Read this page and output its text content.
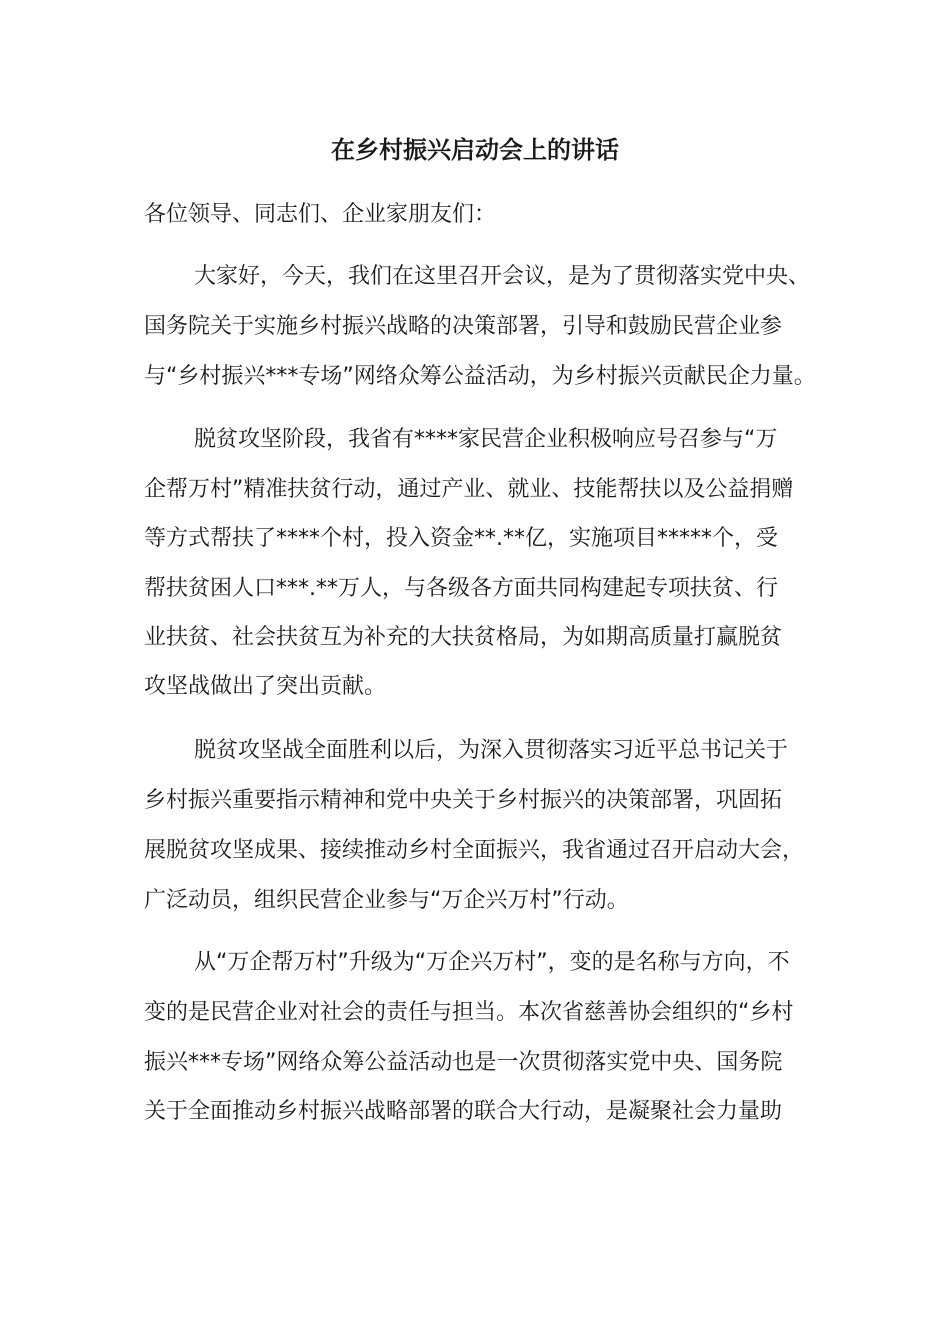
在乡村振兴启动会上的讲话
各位领导、同志们、企业家朋友们：
大家好，今天，我们在这里召开会议，是为了贯彻落实党中央、
国务院关于实施乡村振兴战略的决策部署，引导和鼓励民营企业参
与“乡村振兴***专场”网络众筹公益活动，为乡村振兴贡献民企力量。
脱贫攻坚阶段，我省有****家民营企业积极响应号召参与“万
企帮万村”精准扶贫行动，通过产业、就业、技能帮扶以及公益捐赠
等方式帮扶了****个村，投入资金**.**亿，实施项目*****个，受
帮扶贫困人口***.**万人，与各级各方面共同构建起专项扶贫、行
业扶贫、社会扶贫互为补充的大扶贫格局，为如期高质量打赢脱贫
攻坚战做出了突出贡献。
脱贫攻坚战全面胜利以后，为深入贯彻落实习近平总书记关于
乡村振兴重要指示精神和党中央关于乡村振兴的决策部署，巩固拓
展脱贫攻坚成果、接续推动乡村全面振兴，我省通过召开启动大会，
广泛动员，组织民营企业参与“万企兴万村”行动。
从“万企帮万村”升级为“万企兴万村”，变的是名称与方向，不
变的是民营企业对社会的责任与担当。本次省慈善协会组织的“乡村
振兴***专场”网络众筹公益活动也是一次贯彻落实党中央、国务院
关于全面推动乡村振兴战略部署的联合大行动，是凝聚社会力量助
